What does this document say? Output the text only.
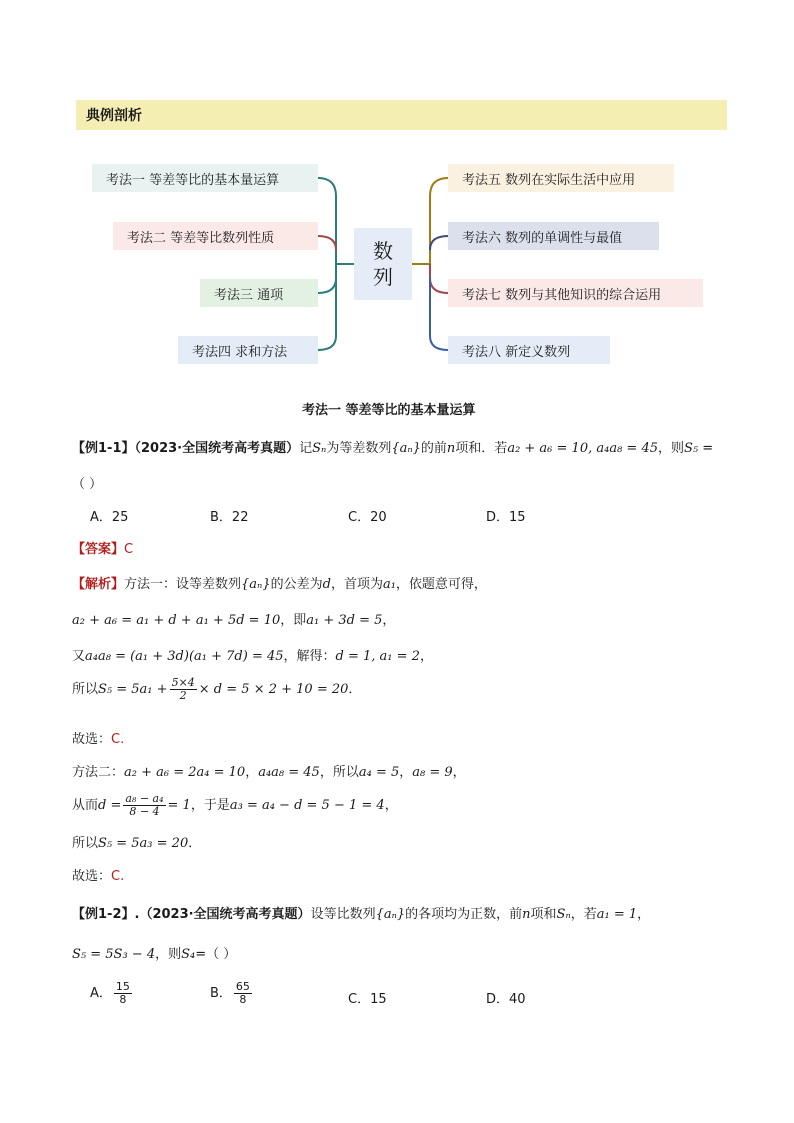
典例剖析
数
列
考法一 等差等比的基本量运算
考法二 等差等比数列性质
考法三 通项
考法四 求和方法
考法五 数列在实际生活中应用
考法六 数列的单调性与最值
考法七 数列与其他知识的综合运用
考法八 新定义数列
考法一 等差等比的基本量运算
【例1-1】（2023·全国统考高考真题）记Sₙ为等差数列{aₙ}的前n项和．若a₂ + a₆ = 10, a₄a₈ = 45，则S₅ =
（ ）
A．25	B．22	C．20	D．15
【答案】C
【解析】方法一：设等差数列{aₙ}的公差为d，首项为a₁，依题意可得，
a₂ + a₆ = a₁ + d + a₁ + 5d = 10，即a₁ + 3d = 5，
又a₄a₈ = (a₁ + 3d)(a₁ + 7d) = 45，解得：d = 1, a₁ = 2，
所以$S_5 = 5a_1 + \frac{5\times 4}{2} \times d = 5 \times 2 + 10 = 20$．
故选：C.
方法二：a₂ + a₆ = 2a₄ = 10，a₄a₈ = 45，所以a₄ = 5，a₈ = 9，
从而$d = \frac{\text{a₈ − a₄}}{8 - 4} = 1$，于是a₃ = a₄ − d = 5 − 1 = 4，
所以S₅ = 5a₃ = 20．
故选：C.
【例1-2】.（2023·全国统考高考真题）设等比数列{aₙ}的各项均为正数，前n项和Sₙ，若a₁ = 1，
S₅ = 5S₃ − 4，则S₄=（ ）
A． $\frac{15}{8}$	B． $\frac{65}{8}$	C．15	D．40
